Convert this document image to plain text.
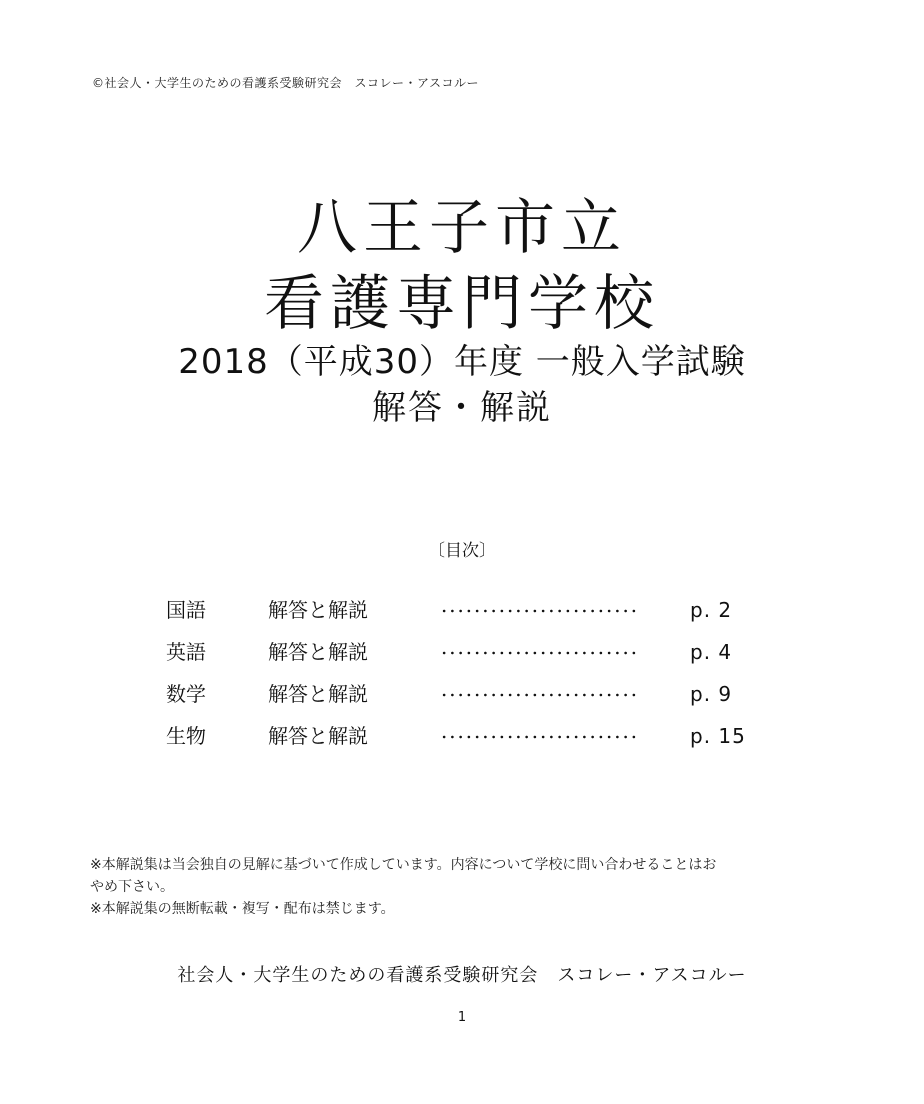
©社会人・大学生のための看護系受験研究会　スコレー・アスコルー
八王子市立
看護専門学校
2018（平成30）年度 一般入学試験
解答・解説
〔目次〕
国語	解答と解説	p. 2
英語	解答と解説	p. 4
数学	解答と解説	p. 9
生物	解答と解説	p. 15
※本解説集は当会独自の見解に基づいて作成しています。内容について学校に問い合わせることはお
やめ下さい。
※本解説集の無断転載・複写・配布は禁じます。
社会人・大学生のための看護系受験研究会　スコレー・アスコルー
1
